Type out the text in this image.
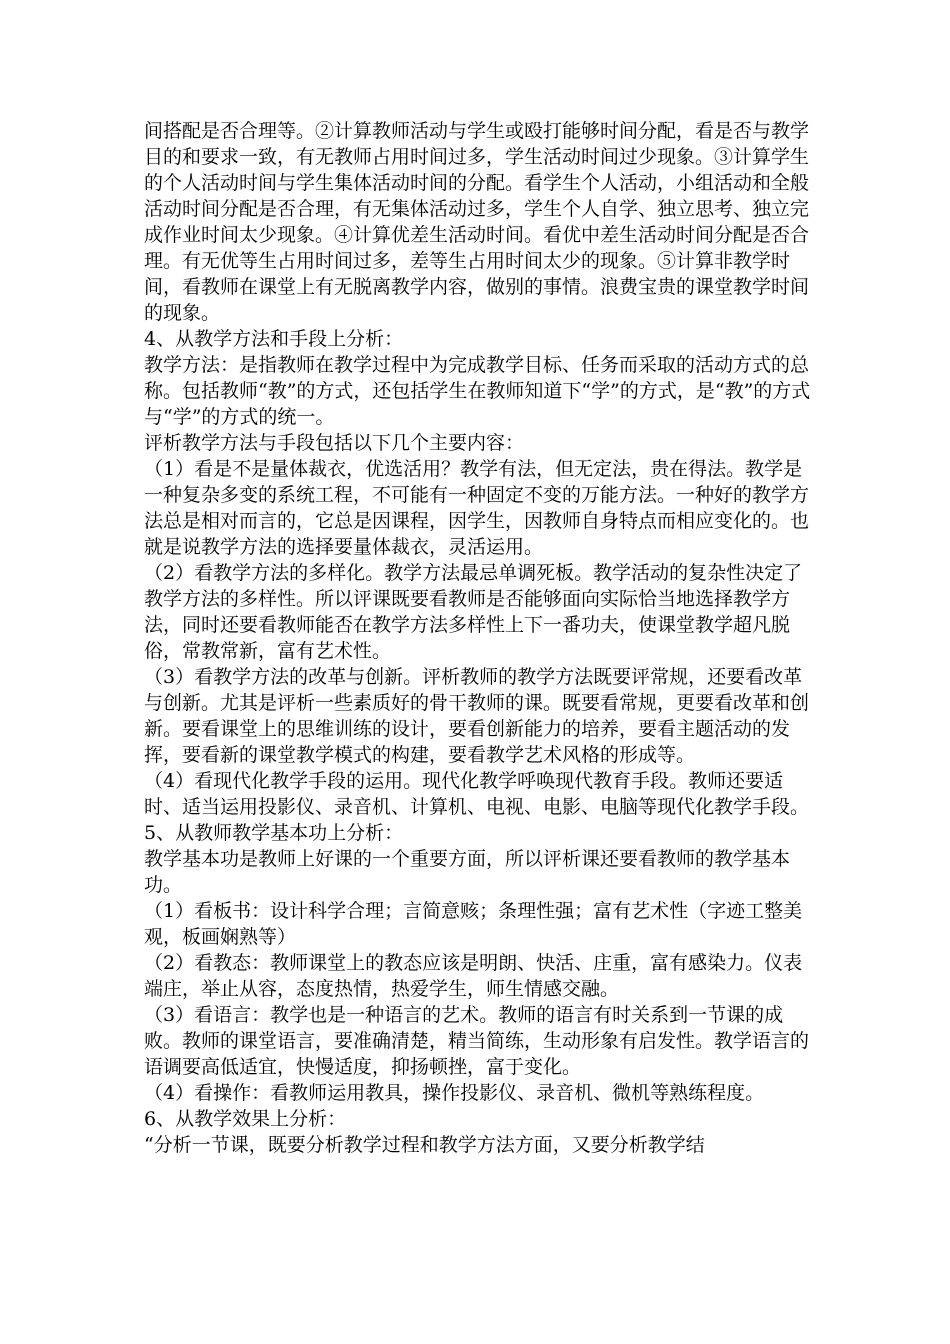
间搭配是否合理等。②计算教师活动与学生或殴打能够时间分配，看是否与教学目的和要求一致，有无教师占用时间过多，学生活动时间过少现象。③计算学生的个人活动时间与学生集体活动时间的分配。看学生个人活动，小组活动和全般活动时间分配是否合理，有无集体活动过多，学生个人自学、独立思考、独立完成作业时间太少现象。④计算优差生活动时间。看优中差生活动时间分配是否合理。有无优等生占用时间过多，差等生占用时间太少的现象。⑤计算非教学时间，看教师在课堂上有无脱离教学内容，做别的事情。浪费宝贵的课堂教学时间的现象。

4、从教学方法和手段上分析：

教学方法：是指教师在教学过程中为完成教学目标、任务而采取的活动方式的总称。包括教师“教”的方式，还包括学生在教师知道下“学”的方式，是“教”的方式与“学”的方式的统一。

评析教学方法与手段包括以下几个主要内容：

（1）看是不是量体裁衣，优选活用？教学有法，但无定法，贵在得法。教学是一种复杂多变的系统工程，不可能有一种固定不变的万能方法。一种好的教学方法总是相对而言的，它总是因课程，因学生，因教师自身特点而相应变化的。也就是说教学方法的选择要量体裁衣，灵活运用。

（2）看教学方法的多样化。教学方法最忌单调死板。教学活动的复杂性决定了教学方法的多样性。所以评课既要看教师是否能够面向实际恰当地选择教学方法，同时还要看教师能否在教学方法多样性上下一番功夫，使课堂教学超凡脱俗，常教常新，富有艺术性。

（3）看教学方法的改革与创新。评析教师的教学方法既要评常规，还要看改革与创新。尤其是评析一些素质好的骨干教师的课。既要看常规，更要看改革和创新。要看课堂上的思维训练的设计，要看创新能力的培养，要看主题活动的发挥，要看新的课堂教学模式的构建，要看教学艺术风格的形成等。

（4）看现代化教学手段的运用。现代化教学呼唤现代教育手段。教师还要适时、适当运用投影仪、录音机、计算机、电视、电影、电脑等现代化教学手段。

5、从教师教学基本功上分析：

教学基本功是教师上好课的一个重要方面，所以评析课还要看教师的教学基本功。

（1）看板书：设计科学合理；言简意赅；条理性强；富有艺术性（字迹工整美观，板画娴熟等）

（2）看教态：教师课堂上的教态应该是明朗、快活、庄重，富有感染力。仪表端庄，举止从容，态度热情，热爱学生，师生情感交融。

（3）看语言：教学也是一种语言的艺术。教师的语言有时关系到一节课的成败。教师的课堂语言，要准确清楚，精当简练，生动形象有启发性。教学语言的语调要高低适宜，快慢适度，抑扬顿挫，富于变化。

（4）看操作：看教师运用教具，操作投影仪、录音机、微机等熟练程度。

6、从教学效果上分析：

“分析一节课，既要分析教学过程和教学方法方面，又要分析教学结
